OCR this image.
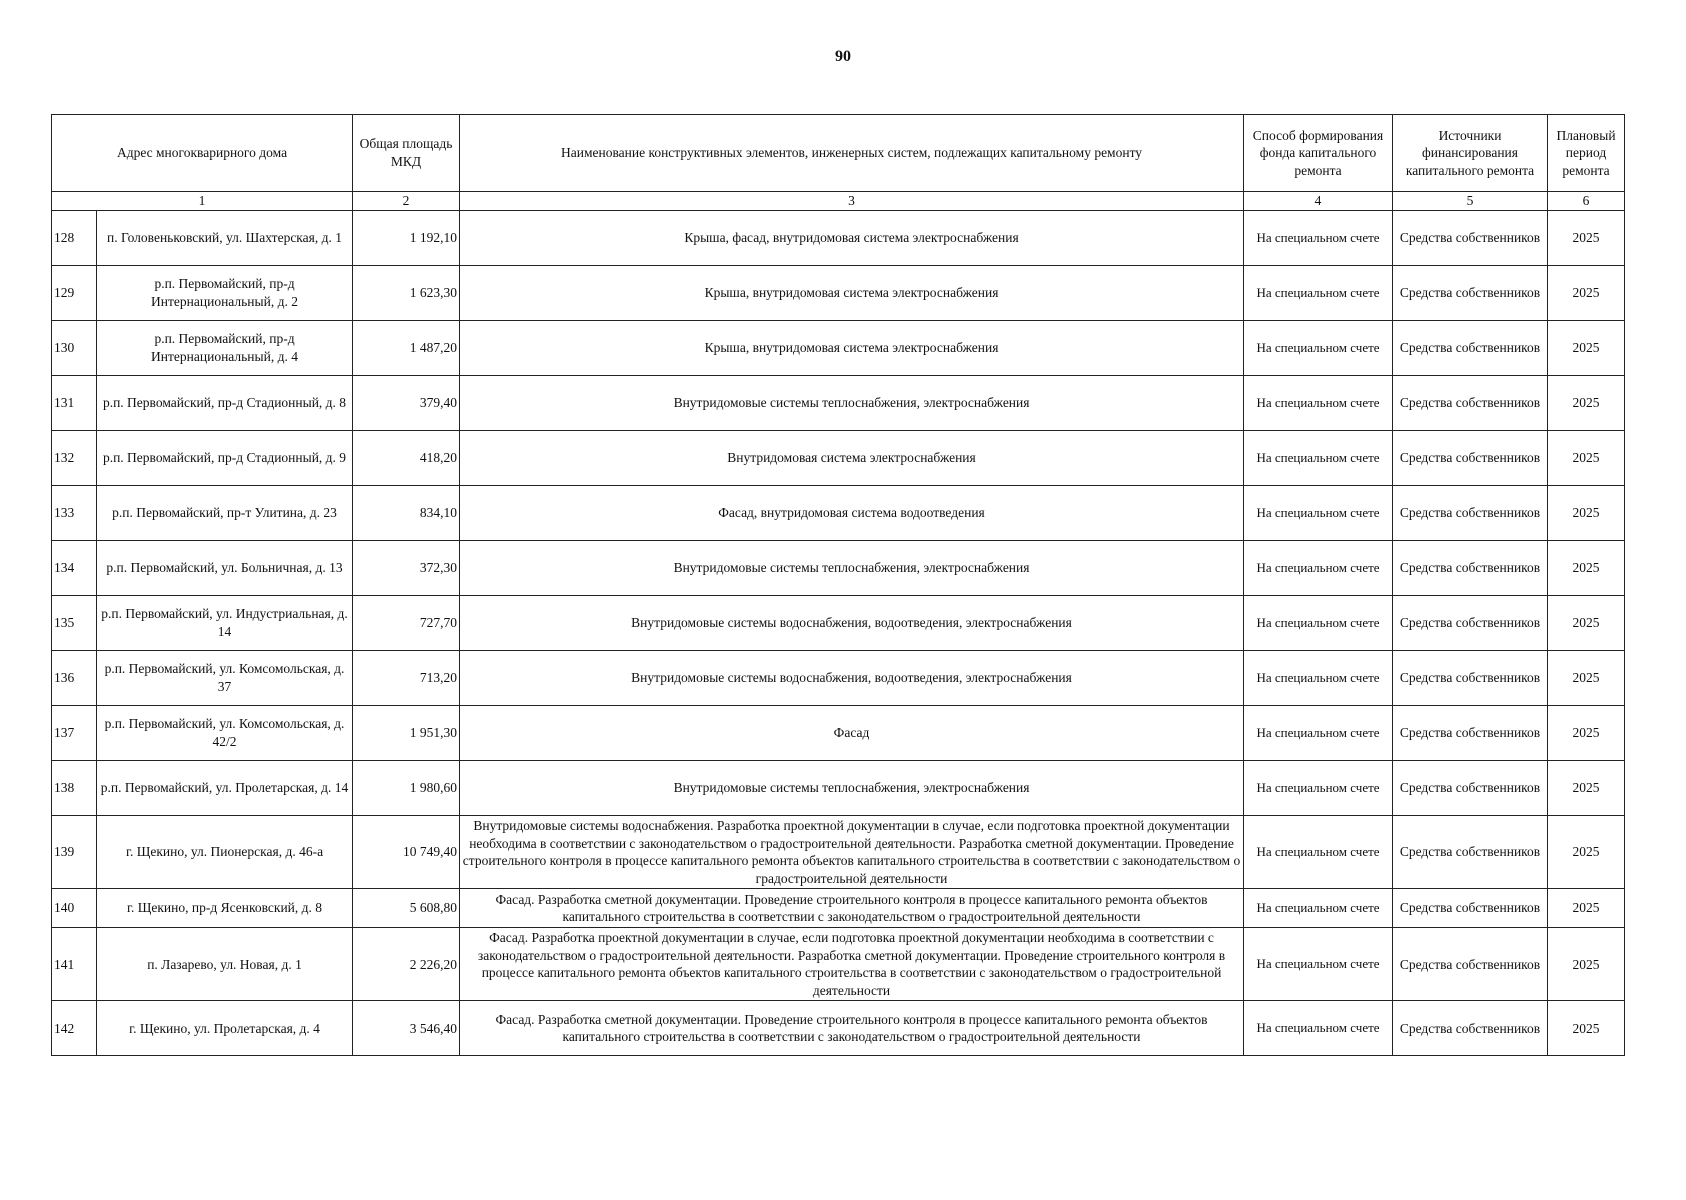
90
Адрес многокварирного дома		Общая площадь МКД	Наименование конструктивных элементов, инженерных систем, подлежащих капитальному ремонту	Способ формирования фонда капитального ремонта	Источники финансирования капитального ремонта	Плановый период ремонта
1		2	3	4	5	6
128	п. Головеньковский, ул. Шахтерская, д. 1	1 192,10	Крыша, фасад, внутридомовая система электроснабжения	На специальном счете	Средства собственников	2025
129	р.п. Первомайский, пр-д Интернациональный, д. 2	1 623,30	Крыша, внутридомовая система электроснабжения	На специальном счете	Средства собственников	2025
130	р.п. Первомайский, пр-д Интернациональный, д. 4	1 487,20	Крыша, внутридомовая система электроснабжения	На специальном счете	Средства собственников	2025
131	р.п. Первомайский, пр-д Стадионный, д. 8	379,40	Внутридомовые системы теплоснабжения, электроснабжения	На специальном счете	Средства собственников	2025
132	р.п. Первомайский, пр-д Стадионный, д. 9	418,20	Внутридомовая система электроснабжения	На специальном счете	Средства собственников	2025
133	р.п. Первомайский, пр-т Улитина, д. 23	834,10	Фасад, внутридомовая система водоотведения	На специальном счете	Средства собственников	2025
134	р.п. Первомайский, ул. Больничная, д. 13	372,30	Внутридомовые системы теплоснабжения, электроснабжения	На специальном счете	Средства собственников	2025
135	р.п. Первомайский, ул. Индустриальная, д. 14	727,70	Внутридомовые системы водоснабжения, водоотведения, электроснабжения	На специальном счете	Средства собственников	2025
136	р.п. Первомайский, ул. Комсомольская, д. 37	713,20	Внутридомовые системы водоснабжения, водоотведения, электроснабжения	На специальном счете	Средства собственников	2025
137	р.п. Первомайский, ул. Комсомольская, д. 42/2	1 951,30	Фасад	На специальном счете	Средства собственников	2025
138	р.п. Первомайский, ул. Пролетарская, д. 14	1 980,60	Внутридомовые системы теплоснабжения, электроснабжения	На специальном счете	Средства собственников	2025
139	г. Щекино, ул. Пионерская, д. 46-а	10 749,40	Внутридомовые системы водоснабжения. Разработка проектной документации в случае, если подготовка проектной документации необходима в соответствии с законодательством о градостроительной деятельности. Разработка сметной документации. Проведение строительного контроля в процессе капитального ремонта объектов капитального строительства в соответствии с законодательством о градостроительной деятельности	На специальном счете	Средства собственников	2025
140	г. Щекино, пр-д Ясенковский, д. 8	5 608,80	Фасад. Разработка сметной документации. Проведение строительного контроля в процессе капитального ремонта объектов капитального строительства в соответствии с законодательством о градостроительной деятельности	На специальном счете	Средства собственников	2025
141	п. Лазарево, ул. Новая, д. 1	2 226,20	Фасад. Разработка проектной документации в случае, если подготовка проектной документации необходима в соответствии с законодательством о градостроительной деятельности. Разработка сметной документации. Проведение строительного контроля в процессе капитального ремонта объектов капитального строительства в соответствии с законодательством о градостроительной деятельности	На специальном счете	Средства собственников	2025
142	г. Щекино, ул. Пролетарская, д. 4	3 546,40	Фасад. Разработка сметной документации. Проведение строительного контроля в процессе капитального ремонта объектов капитального строительства в соответствии с законодательством о градостроительной деятельности	На специальном счете	Средства собственников	2025
